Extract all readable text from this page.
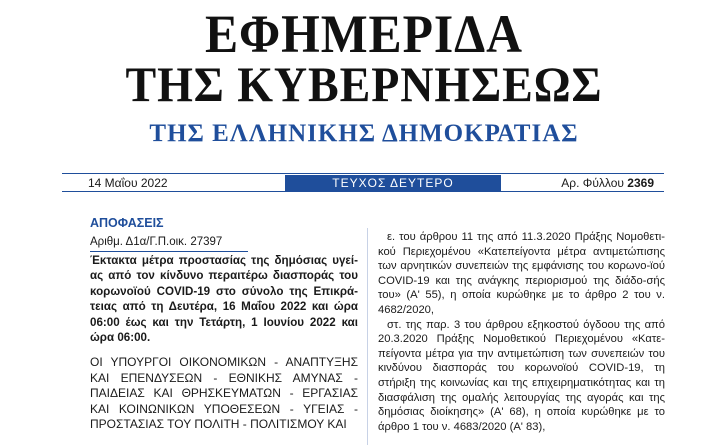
ΕΦΗΜΕΡΙΔΑ
ΤΗΣ ΚΥΒΕΡΝΗΣΕΩΣ
ΤΗΣ ΕΛΛΗΝΙΚΗΣ ΔΗΜΟΚΡΑΤΙΑΣ
14 Μαΐου 2022	ΤΕΥΧΟΣ ΔΕΥΤΕΡΟ	Αρ. Φύλλου 2369
ΑΠΟΦΑΣΕΙΣ
Αριθμ. Δ1α/Γ.Π.οικ. 27397
Έκτακτα μέτρα προστασίας της δημόσιας υγεί-ας από τον κίνδυνο περαιτέρω διασποράς του κορωνοϊού COVID-19 στο σύνολο της Επικρά-τειας από τη Δευτέρα, 16 Μαΐου 2022 και ώρα 06:00 έως και την Τετάρτη, 1 Ιουνίου 2022 και ώρα 06:00.
ΟΙ ΥΠΟΥΡΓΟΙ ΟΙΚΟΝΟΜΙΚΩΝ - ΑΝΑΠΤΥΞΗΣ ΚΑΙ ΕΠΕΝΔΥΣΕΩΝ - ΕΘΝΙΚΗΣ ΑΜΥΝΑΣ - ΠΑΙΔΕΙΑΣ ΚΑΙ ΘΡΗΣΚΕΥΜΑΤΩΝ - ΕΡΓΑΣΙΑΣ ΚΑΙ ΚΟΙΝΩΝΙΚΩΝ ΥΠΟΘΕΣΕΩΝ - ΥΓΕΙΑΣ - ΠΡΟΣΤΑΣΙΑΣ ΤΟΥ ΠΟΛΙΤΗ - ΠΟΛΙΤΙΣΜΟΥ ΚΑΙ

ε. του άρθρου 11 της από 11.3.2020 Πράξης Νομοθετι-κού Περιεχομένου «Κατεπείγοντα μέτρα αντιμετώπισης των αρνητικών συνεπειών της εμφάνισης του κορωνο-ϊού COVID-19 και της ανάγκης περιορισμού της διάδο-σής του» (Α' 55), η οποία κυρώθηκε με το άρθρο 2 του ν. 4682/2020,

στ. της παρ. 3 του άρθρου εξηκοστού όγδοου της από 20.3.2020 Πράξης Νομοθετικού Περιεχομένου «Κατε-πείγοντα μέτρα για την αντιμετώπιση των συνεπειών του κινδύνου διασποράς του κορωνοϊού COVID-19, τη στήριξη της κοινωνίας και της επιχειρηματικότητας και τη διασφάλιση της ομαλής λειτουργίας της αγοράς και της δημόσιας διοίκησης» (Α' 68), η οποία κυρώθηκε με το άρθρο 1 του ν. 4683/2020 (Α' 83),
